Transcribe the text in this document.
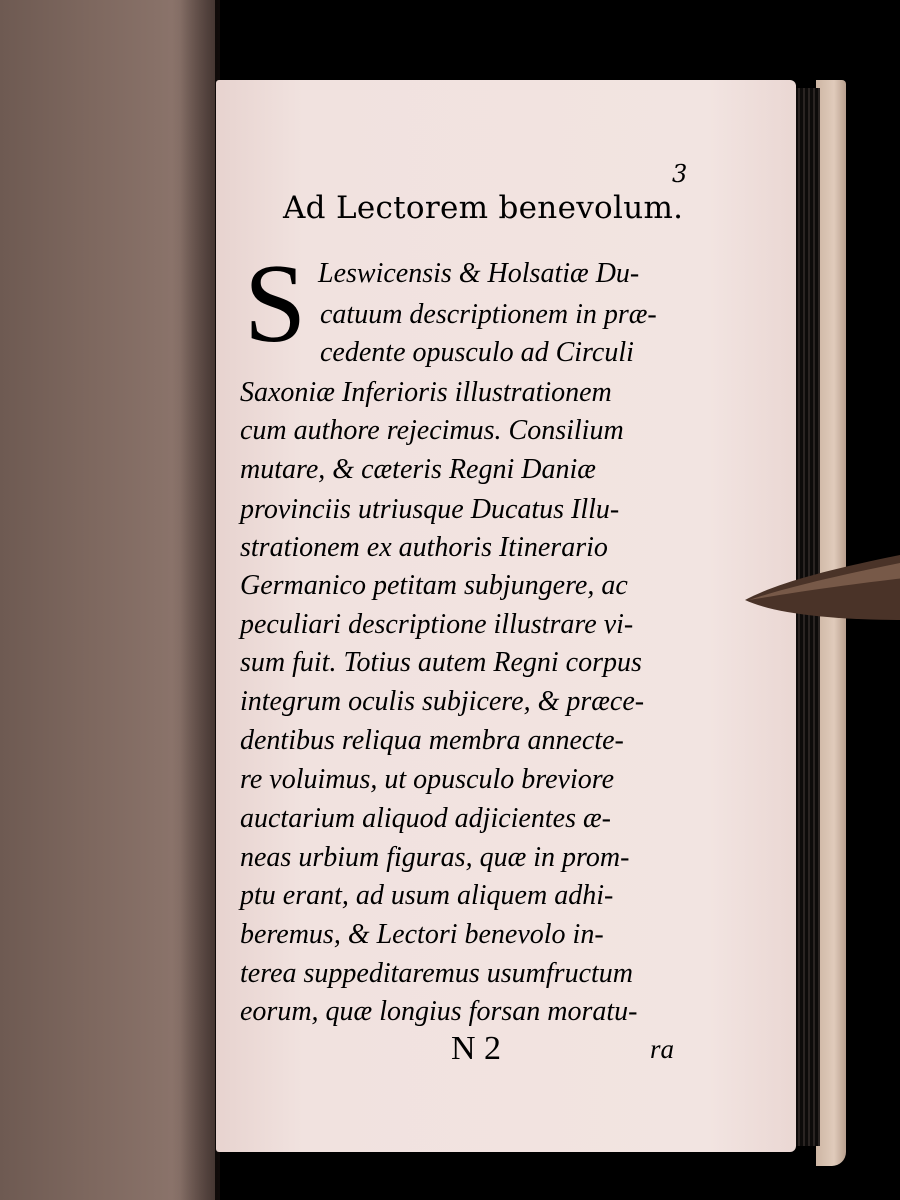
3
Ad Lectorem benevolum.
S Leswicensis & Holsatiæ Du-
catuum descriptionem in præ-
cedente opusculo ad Circuli
Saxoniæ Inferioris illustrationem
cum authore rejecimus. Consilium
mutare, & cæteris Regni Daniæ
provinciis utriusque Ducatus Illu-
strationem ex authoris Itinerario
Germanico petitam subjungere, ac
peculiari descriptione illustrare vi-
sum fuit. Totius autem Regni corpus
integrum oculis subjicere, & præce-
dentibus reliqua membra annecte-
re voluimus, ut opusculo breviore
auctarium aliquod adjicientes æ-
neas urbium figuras, quæ in prom-
ptu erant, ad usum aliquem adhi-
beremus, & Lectori benevolo in-
terea suppeditaremus usumfructum
eorum, quæ longius forsan moratu-
N 2	ra
